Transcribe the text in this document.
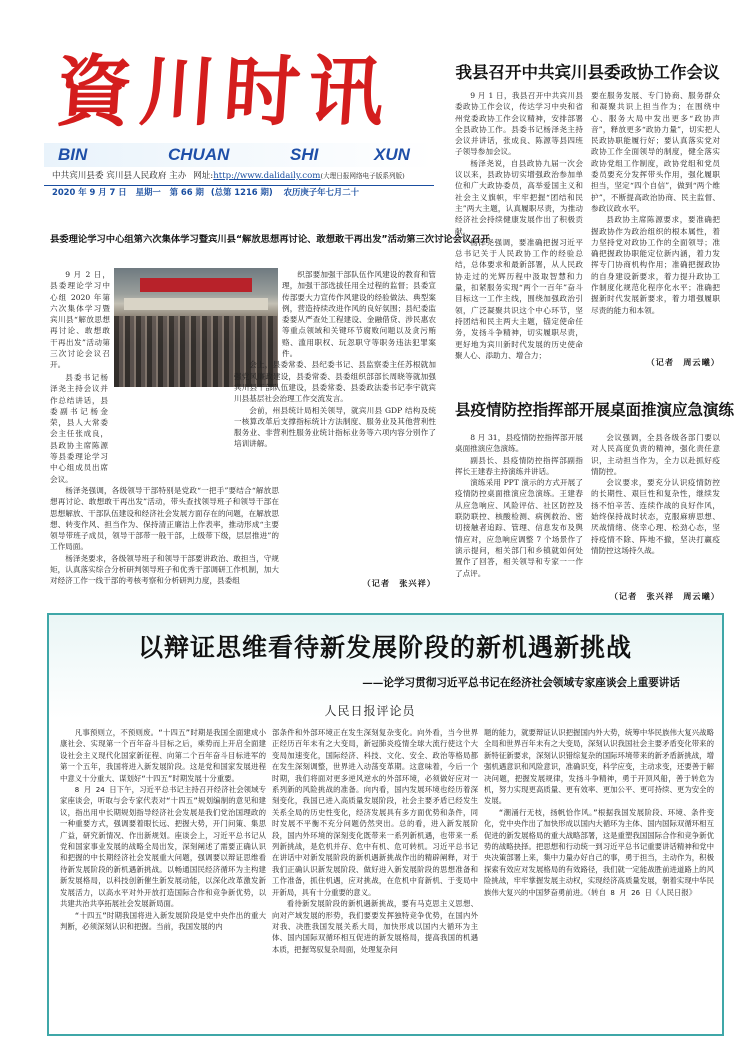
資川时讯
BIN	CHUAN	SHI	XUN
中共宾川县委 宾川县人民政府 主办 网址:http://www.dalidaily.com(大理日报网络电子版系列版)
2020 年 9 月 7 日 星期一 第 66 期 (总第 1216 期) 农历庚子年七月二十
县委理论学习中心组第六次集体学习暨宾川县“解放思想再讨论、敢想敢干再出发”活动第三次讨论会议召开

9 月 2 日，县委理论学习中心组 2020 年第六次集体学习暨宾川县“解放思想再讨论、敢想敢干再出发”活动第三次讨论会议召开。

县委书记杨泽尧主持会议并作总结讲话，县委副书记杨金荣，县人大常委会主任张成良，县政协主席陈源等县委理论学习中心组成员出席会议。

杨泽尧强调，各级领导干部特别是党政“一把手”要结合“解放思想再讨论、敢想敢干再出发”活动，带头查找领导班子和领导干部在思想解放、干部队伍建设和经济社会发展方面存在的问题，在解放思想、转变作风、担当作为、保持清正廉洁上作表率，推动形成“主要领导带班子成员，领导干部带一般干部，上级带下级，层层推进”的工作局面。

杨泽尧要求，各级领导班子和领导干部要讲政治、敢担当，守规矩，认真落实综合分析研判领导班子和优秀干部调研工作机制，加大对经济工作一线干部的考核考察和分析研判力度，县委组

织部要加强干部队伍作风建设的教育和管理，加强干部选拔任用全过程的监督；县委宣传部要大力宣传作风建设的经验做法、典型案例，营造持续改进作风的良好氛围；县纪委监委要从严查处工程建设、金融借贷、涉民惠农等重点领域和关键环节腐败问题以及贪污贿赂、滥用职权、玩忽职守等职务违法犯罪案件。

会上，县委常委、县纪委书记、县监察委主任苏根就加强党风廉政建设，县委常委、县委组织部部长周晓等就加强宾川县干部队伍建设，县委常委、县委政法委书记李宇就宾川县基层社会治理工作交流发言。

会前，州县统计局相关领导，就宾川县 GDP 结构及统一核算改革后支撑指标统计方法制度、服务业及其他营利性服务业、非营利性服务业统计指标业务等六项内容分别作了培训讲解。

（记者　张兴祥）
我县召开中共宾川县委政协工作会议

9 月 1 日，我县召开中共宾川县委政协工作会议，传达学习中央和省州党委政协工作会议精神，安排部署全县政协工作。县委书记杨泽尧主持会议并讲话，张成良、陈源等县四班子领导参加会议。

杨泽尧说，自县政协九届一次会议以来，县政协切实增强政治参加单位和广大政协委员，高举爱国主义和社会主义旗帜，牢牢把握“团结和民主”两大主题，认真履职尽责，为推动经济社会持续健康发展作出了积极贡献。

杨泽尧强调，要准确把握习近平总书记关于人民政协工作的经验总结，总体要求和最新部署，从人民政协走过的光辉历程中汲取智慧和力量，扣紧服务实现“两个一百年”奋斗目标这一工作主线，围绕加强政治引领，广泛凝聚共识这个中心环节，坚持团结和民主两大主题，锚定使命任务，发扬斗争精神，切实履职尽责，更好地为宾川新时代发展的历史使命聚人心、添助力、增合力；

要在服务发展、专门协商、服务群众和凝聚共识上担当作为；在围绕中心、服务大局中发出更多“政协声音”，释放更多“政协力量”，切实把人民政协职能履行好；要认真落实党对政协工作全面领导的制度，健全落实政协党组工作制度，政协党组和党员委员要充分发挥带头作用，强化履职担当，坚定“四个自信”，做到“两个维护”，不断提高政治协商、民主监督、参政议政水平。

县政协主席陈源要求，要准确把握政协作为政治组织的根本属性，着力坚持党对政协工作的全面领导；准确把握政协职能定位新内涵，着力发挥专门协商机构作用；准确把握政协的自身建设新要求，着力提升政协工作制度化规范化程序化水平；准确把握新时代发展新要求，着力增强履职尽责的能力和本领。

（记者　周云曦）
县疫情防控指挥部开展桌面推演应急演练

8 月 31，县疫情防控指挥部开展桌面推演应急演练。

副县长、县疫情防控指挥部副指挥长王建春主持演练并讲话。

演练采用 PPT 演示的方式开展了疫情防控桌面推演应急演练。王建春从应急响应、风险评估、社区防控及联防联控、核酸检测、病例救治、密切接触者追踪、管理、信息发布及舆情应对，应急响应调整 7 个场景作了演示提问，相关部门和乡镇就如何处置作了回答，相关领导和专家一一作了点评。

会议强调，全县各级各部门要以对人民高度负责的精神，强化责任意识，主动担当作为，全力以赴抓好疫情防控。

会议要求，要充分认识疫情防控的长期性、艰巨性和复杂性，继续发扬不怕辛苦、连续作战的良好作风，始终保持战时状态，克服麻痹思想、厌战情绪、侥幸心理、松劲心态，坚持疫情不除、阵地不撤，坚决打赢疫情防控这场持久战。

（记者　张兴祥　周云曦）
以辩证思维看待新发展阶段的新机遇新挑战
——论学习贯彻习近平总书记在经济社会领域专家座谈会上重要讲话
人民日报评论员

凡事预则立，不预则废。“十四五”时期是我国全面建成小康社会、实现第一个百年奋斗目标之后，乘势而上开启全面建设社会主义现代化国家新征程、向第二个百年奋斗目标进军的第一个五年，我国将进入新发展阶段。这是党和国家发展进程中意义十分重大、谋划好“十四五”时期发展十分重要。

8 月 24 日下午，习近平总书记主持召开经济社会领域专家座谈会，听取与会专家代表对“十四五”规划编制的意见和建议，指出用中长期规划指导经济社会发展是我们党治国理政的一种重要方式，强调要着眼长远、把握大势，开门问策、集思广益，研究新情况、作出新规划。座谈会上，习近平总书记从党和国家事业发展的战略全局出发，深刻阐述了需要正确认识和把握的中长期经济社会发展重大问题，强调要以辩证思维看待新发展阶段的新机遇新挑战。以畅通国民经济循环为主构建新发展格局，以科技创新催生新发展动能，以深化改革激发新发展活力，以高水平对外开放打造国际合作和竞争新优势，以共建共治共享拓展社会发展新局面。

“十四五”时期我国将进入新发展阶段是党中央作出的重大判断，必须深刻认识和把握。当前，我国发展的内

部条件和外部环境正在发生深刻复杂变化。向外看，当今世界正经历百年未有之大变局，新冠肺炎疫情全球大流行使这个大变局加速变化，国际经济、科技、文化、安全、政治等格局都在发生深刻调整，世界进入动荡变革期。这意味着，今后一个时期，我们将面对更多逆风逆水的外部环境，必须做好应对一系列新的风险挑战的准备。向内看，国内发展环境也经历着深刻变化，我国已进入高质量发展阶段，社会主要矛盾已经发生关系全局的历史性变化，经济发展具有多方面优势和条件，同时发展不平衡不充分问题仍然突出。总的看，进入新发展阶段，国内外环境的深刻变化既带来一系列新机遇，也带来一系列新挑战，是危机并存、危中有机、危可转机。习近平总书记在讲话中对新发展阶段的新机遇新挑战作出的精辟阐释，对于我们正确认识新发展阶段、做好进入新发展阶段的思想准备和工作准备，抓住机遇，应对挑战，在危机中育新机、于变局中开新局，具有十分重要的意义。

看待新发展阶段的新机遇新挑战，要有马克思主义思想、向对产域发展的形势，我们要要发挥独特竞争优势，在国内外对我、决胜我国发展关系大局，加快形成以国内大循环为主体、国内国际双循环相互促进的新发展格局，提高我国的机遇本质，把握驾驭复杂局面，处理复杂问

题的能力，就要辩证认识把握国内外大势，统筹中华民族伟大复兴战略全局和世界百年未有之大变局，深刻认识我国社会主要矛盾变化带来的新特征新要求，深刻认识错综复杂的国际环境带来的新矛盾新挑战，增强机遇意识和风险意识，准确识变，科学应变，主动求变，还要善于解决问题，把握发展规律，发扬斗争精神，勇于开顶风船，善于转危为机，努力实现更高质量、更有效率、更加公平、更可持续、更为安全的发展。

“潮涌行无枝，扬帆恰作风。”根据我国发展阶段、环境、条件变化，党中央作出了加快形成以国内大循环为主体、国内国际双循环相互促进的新发展格局的重大战略部署，这是重塑我国国际合作和竞争新优势的战略抉择。把思想和行动统一到习近平总书记重要讲话精神和党中央决策部署上来，集中力量办好自己的事，勇于担当，主动作为，积极探索有效应对发展格局的有效路径，我们就一定能战胜前进道路上的风险挑战，牢牢掌握发展主动权，实现经济高质量发展，朝着实现中华民族伟大复兴的中国梦奋勇前进。（转自 8 月 26 日《人民日报》
